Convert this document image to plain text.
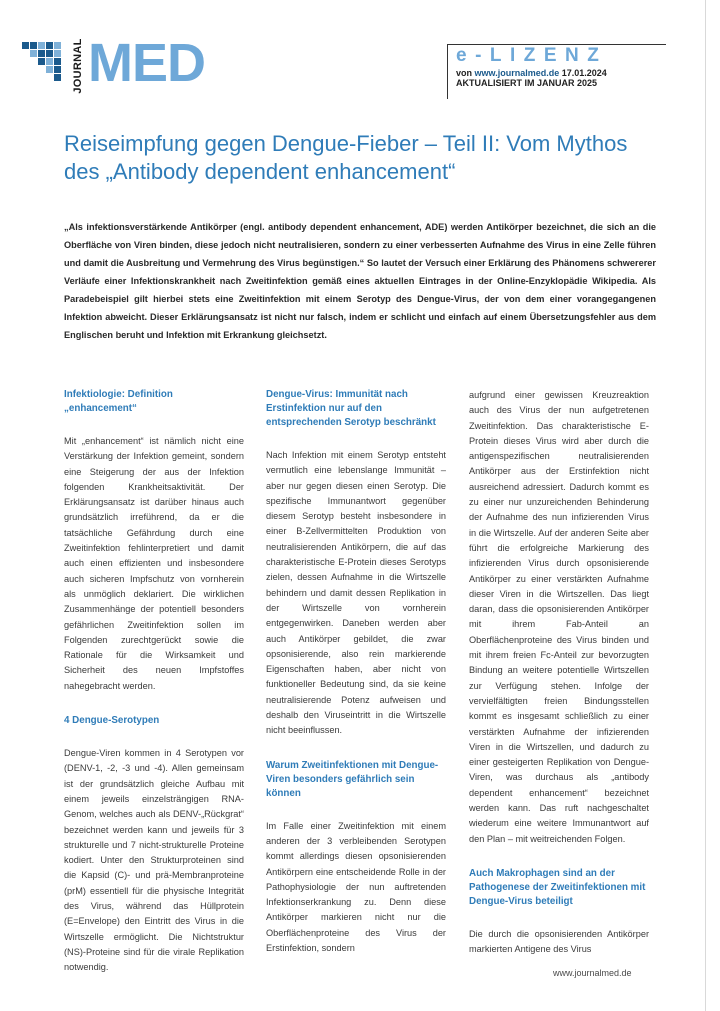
JOURNAL MED	e-LIZENZ
von www.journalmed.de 17.01.2024
AKTUALISIERT IM JANUAR 2025
Reiseimpfung gegen Dengue-Fieber – Teil II: Vom Mythos des „Antibody dependent enhancement“

„Als infektionsverstärkende Antikörper (engl. antibody dependent enhancement, ADE) werden Antikörper bezeichnet, die sich an die Oberfläche von Viren binden, diese jedoch nicht neutralisieren, sondern zu einer verbesserten Aufnahme des Virus in eine Zelle führen und damit die Ausbreitung und Vermehrung des Virus begünstigen.“ So lautet der Versuch einer Erklärung des Phänomens schwererer Verläufe einer Infektionskrankheit nach Zweitinfektion gemäß eines aktuellen Eintrages in der Online-Enzyklopädie Wikipedia. Als Paradebeispiel gilt hierbei stets eine Zweitinfektion mit einem Serotyp des Dengue-Virus, der von dem einer vorangegangenen Infektion abweicht. Dieser Erklärungsansatz ist nicht nur falsch, indem er schlicht und einfach auf einem Übersetzungsfehler aus dem Englischen beruht und Infektion mit Erkrankung gleichsetzt.

Infektiologie: Definition „enhancement“

Mit „enhancement“ ist nämlich nicht eine Verstärkung der Infektion gemeint, sondern eine Steigerung der aus der Infektion folgenden Krankheitsaktivität. Der Erklärungsansatz ist darüber hinaus auch grundsätzlich irreführend, da er die tatsächliche Gefährdung durch eine Zweitinfektion fehlinterpretiert und damit auch einen effizienten und insbesondere auch sicheren Impfschutz von vornherein als unmöglich deklariert. Die wirklichen Zusammenhänge der potentiell besonders gefährlichen Zweitinfektion sollen im Folgenden zurechtgerückt sowie die Rationale für die Wirksamkeit und Sicherheit des neuen Impfstoffes nahegebracht werden.

4 Dengue-Serotypen

Dengue-Viren kommen in 4 Serotypen vor (DENV-1, -2, -3 und -4). Allen gemeinsam ist der grundsätzlich gleiche Aufbau mit einem jeweils einzelsträngigen RNA-Genom, welches auch als DENV-„Rückgrat“ bezeichnet werden kann und jeweils für 3 strukturelle und 7 nicht-strukturelle Proteine kodiert. Unter den Strukturproteinen sind die Kapsid (C)- und prä-Membranproteine (prM) essentiell für die physische Integrität des Virus, während das Hüllprotein (E=Envelope) den Eintritt des Virus in die Wirtszelle ermöglicht. Die Nichtstruktur (NS)-Proteine sind für die virale Replikation notwendig.

Dengue-Virus: Immunität nach Erstinfektion nur auf den entsprechenden Serotyp beschränkt

Nach Infektion mit einem Serotyp entsteht vermutlich eine lebenslange Immunität – aber nur gegen diesen einen Serotyp. Die spezifische Immunantwort gegenüber diesem Serotyp besteht insbesondere in einer B-Zellvermittelten Produktion von neutralisierenden Antikörpern, die auf das charakteristische E-Protein dieses Serotyps zielen, dessen Aufnahme in die Wirtszelle behindern und damit dessen Replikation in der Wirtszelle von vornherein entgegenwirken. Daneben werden aber auch Antikörper gebildet, die zwar opsonisierende, also rein markierende Eigenschaften haben, aber nicht von funktioneller Bedeutung sind, da sie keine neutralisierende Potenz aufweisen und deshalb den Viruseintritt in die Wirtszelle nicht beeinflussen.

Warum Zweitinfektionen mit Dengue-Viren besonders gefährlich sein können

Im Falle einer Zweitinfektion mit einem anderen der 3 verbleibenden Serotypen kommt allerdings diesen opsonisierenden Antikörpern eine entscheidende Rolle in der Pathophysiologie der nun auftretenden Infektionserkrankung zu. Denn diese Antikörper markieren nicht nur die Oberflächenproteine des Virus der Erstinfektion, sondern

aufgrund einer gewissen Kreuzreaktion auch des Virus der nun aufgetretenen Zweitinfektion. Das charakteristische E-Protein dieses Virus wird aber durch die antigenspezifischen neutralisierenden Antikörper aus der Erstinfektion nicht ausreichend adressiert. Dadurch kommt es zu einer nur unzureichenden Behinderung der Aufnahme des nun infizierenden Virus in die Wirtszelle. Auf der anderen Seite aber führt die erfolgreiche Markierung des infizierenden Virus durch opsonisierende Antikörper zu einer verstärkten Aufnahme dieser Viren in die Wirtszellen. Das liegt daran, dass die opsonisierenden Antikörper mit ihrem Fab-Anteil an Oberflächenproteine des Virus binden und mit ihrem freien Fc-Anteil zur bevorzugten Bindung an weitere potentielle Wirtszellen zur Verfügung stehen. Infolge der vervielfältigten freien Bindungsstellen kommt es insgesamt schließlich zu einer verstärkten Aufnahme der infizierenden Viren in die Wirtszellen, und dadurch zu einer gesteigerten Replikation von Dengue-Viren, was durchaus als „antibody dependent enhancement“ bezeichnet werden kann. Das ruft nachgeschaltet wiederum eine weitere Immunantwort auf den Plan – mit weitreichenden Folgen.

Auch Makrophagen sind an der Pathogenese der Zweitinfektionen mit Dengue-Virus beteiligt

Die durch die opsonisierenden Antikörper markierten Antigene des Virus

www.journalmed.de
